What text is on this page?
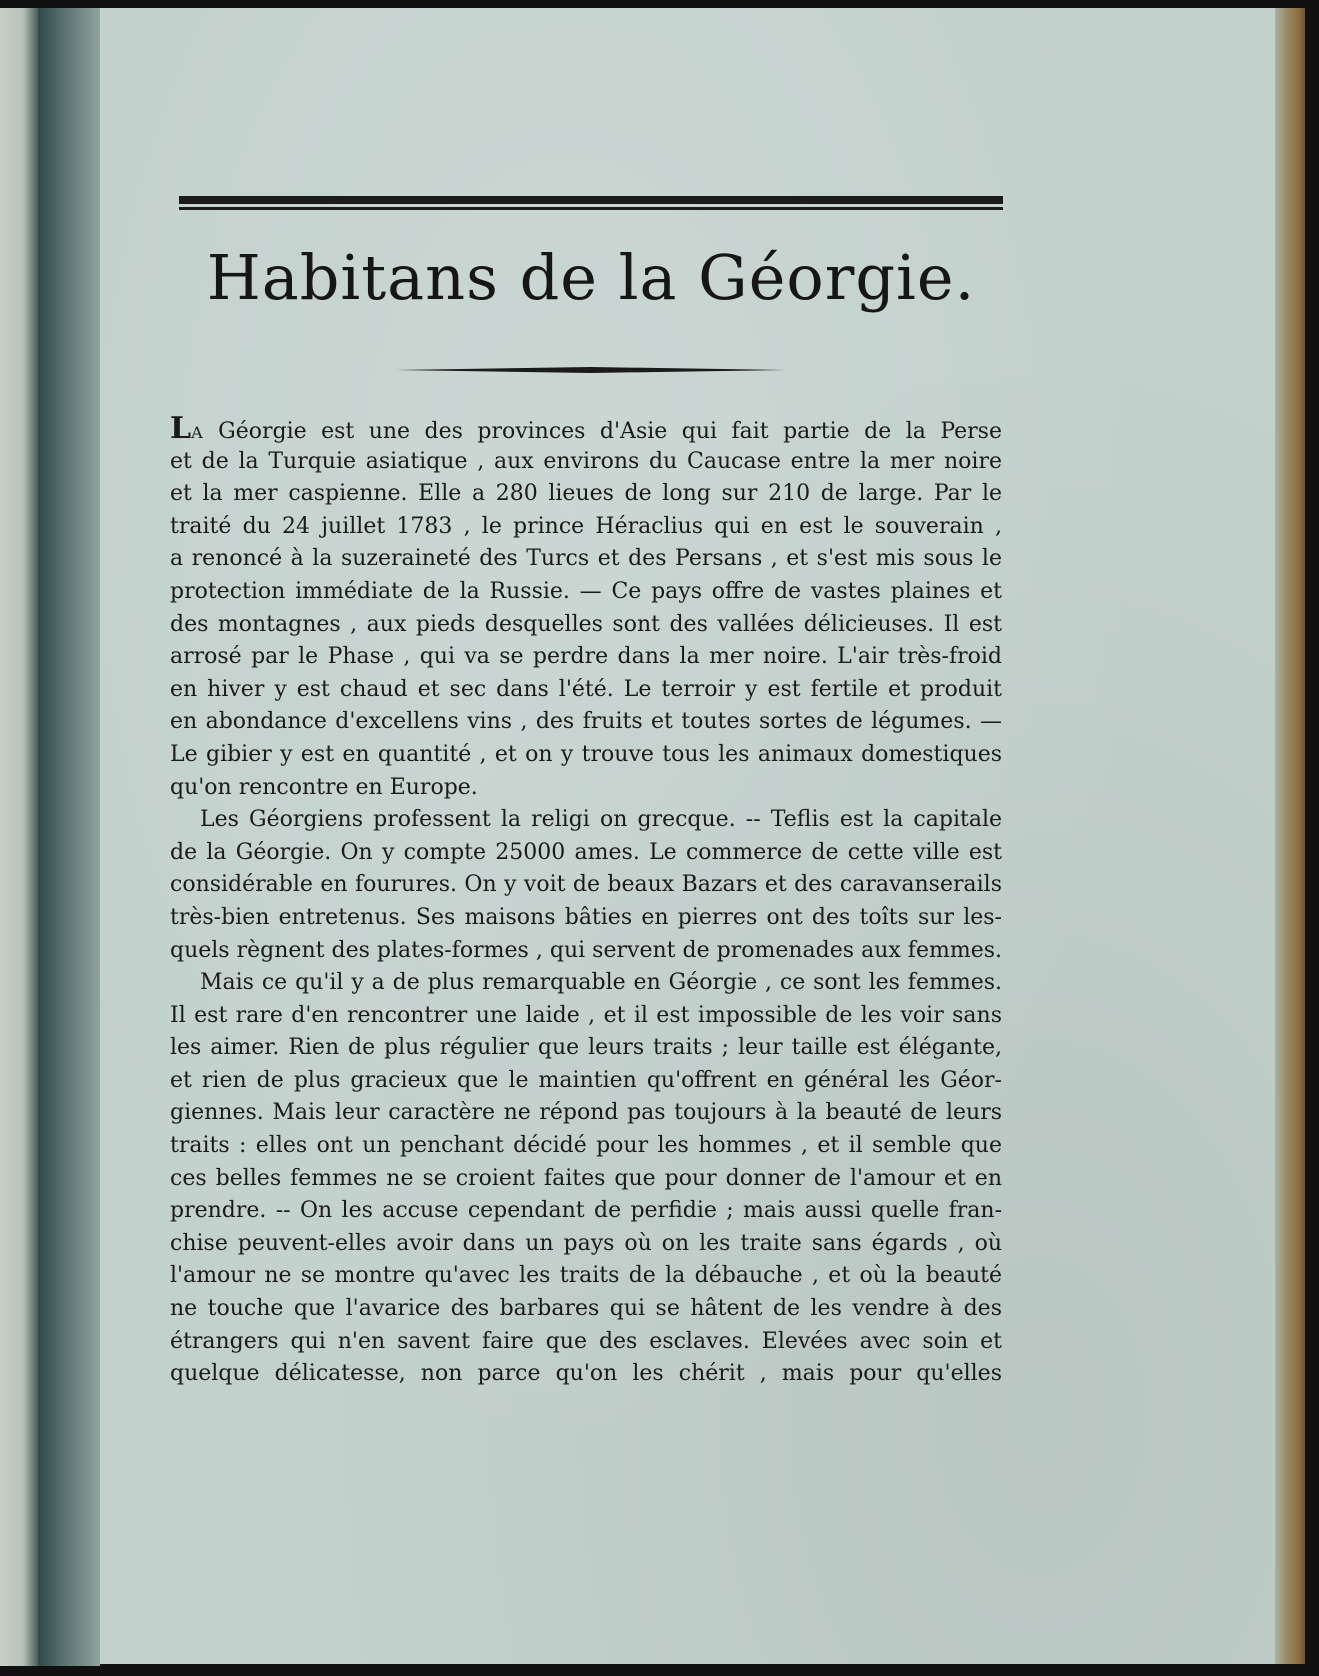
Habitans de la Géorgie.
LA Géorgie est une des provinces d'Asie qui fait partie de la Perse
et de la Turquie asiatique , aux environs du Caucase entre la mer noire
et la mer caspienne. Elle a 280 lieues de long sur 210 de large. Par le
traité du 24 juillet 1783 , le prince Héraclius qui en est le souverain ,
a renoncé à la suzeraineté des Turcs et des Persans , et s'est mis sous le
protection immédiate de la Russie. — Ce pays offre de vastes plaines et
des montagnes , aux pieds desquelles sont des vallées délicieuses. Il est
arrosé par le Phase , qui va se perdre dans la mer noire. L'air très-froid
en hiver y est chaud et sec dans l'été. Le terroir y est fertile et produit
en abondance d'excellens vins , des fruits et toutes sortes de légumes. —
Le gibier y est en quantité , et on y trouve tous les animaux domestiques
qu'on rencontre en Europe.
Les Géorgiens professent la religi on grecque. -- Teflis est la capitale
de la Géorgie. On y compte 25000 ames. Le commerce de cette ville est
considérable en fourures. On y voit de beaux Bazars et des caravanserails
très-bien entretenus. Ses maisons bâties en pierres ont des toîts sur les-
quels règnent des plates-formes , qui servent de promenades aux femmes.
Mais ce qu'il y a de plus remarquable en Géorgie , ce sont les femmes.
Il est rare d'en rencontrer une laide , et il est impossible de les voir sans
les aimer. Rien de plus régulier que leurs traits ; leur taille est élégante,
et rien de plus gracieux que le maintien qu'offrent en général les Géor-
giennes. Mais leur caractère ne répond pas toujours à la beauté de leurs
traits : elles ont un penchant décidé pour les hommes , et il semble que
ces belles femmes ne se croient faites que pour donner de l'amour et en
prendre. -- On les accuse cependant de perfidie ; mais aussi quelle fran-
chise peuvent-elles avoir dans un pays où on les traite sans égards , où
l'amour ne se montre qu'avec les traits de la débauche , et où la beauté
ne touche que l'avarice des barbares qui se hâtent de les vendre à des
étrangers qui n'en savent faire que des esclaves. Elevées avec soin et
quelque délicatesse, non parce qu'on les chérit , mais pour qu'elles
